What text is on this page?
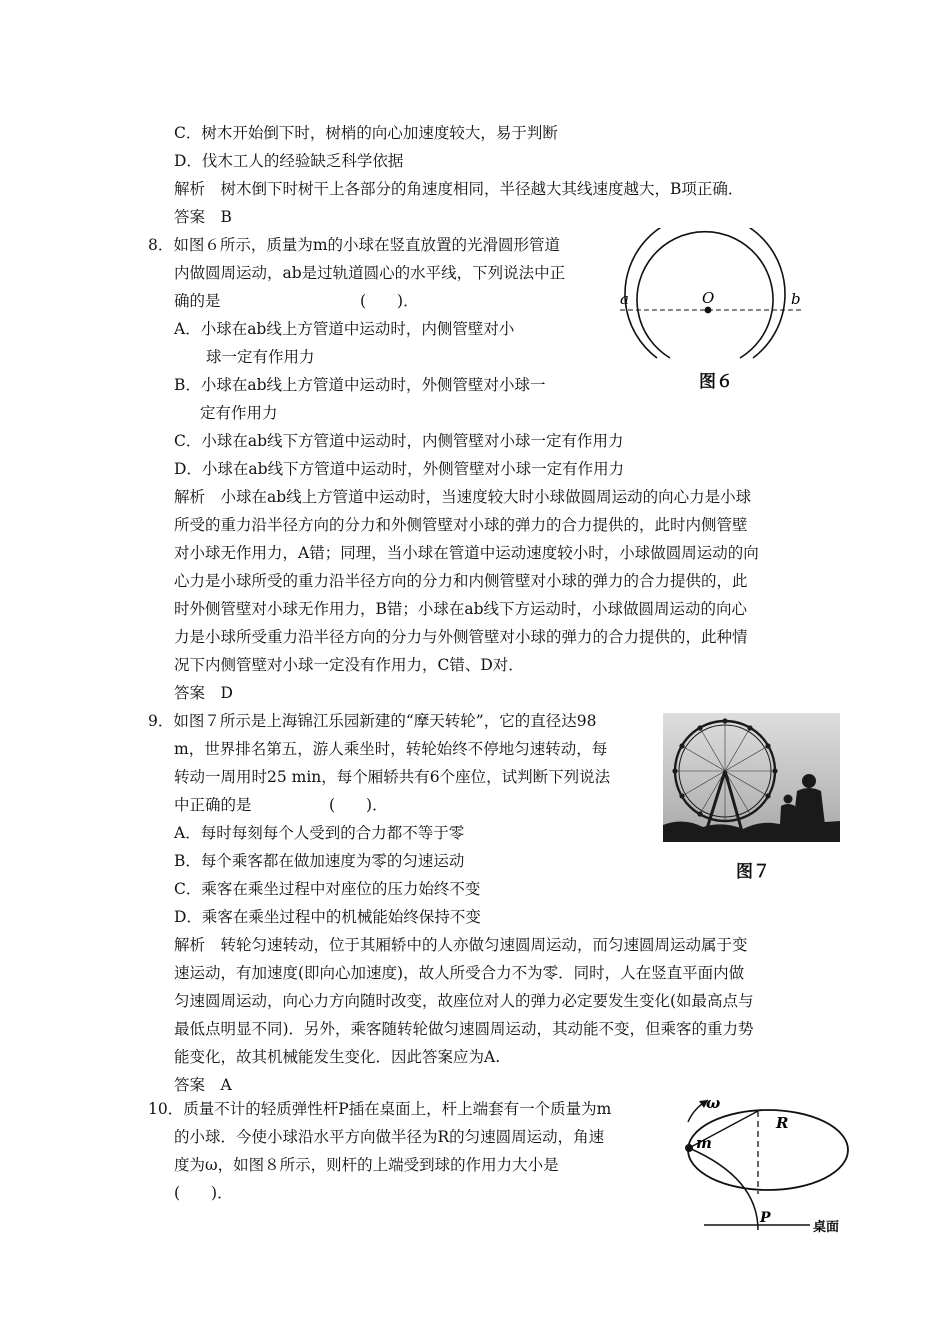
C．树木开始倒下时，树梢的向心加速度较大，易于判断
D．伐木工人的经验缺乏科学依据
解析　树木倒下时树干上各部分的角速度相同，半径越大其线速度越大，B项正确．
答案　B
8．如图６所示，质量为m的小球在竖直放置的光滑圆形管道
内做圆周运动，ab是过轨道圆心的水平线，下列说法中正
确的是　　　　　　　　　(　　)．
A．小球在ab线上方管道中运动时，内侧管壁对小
球一定有作用力
B．小球在ab线上方管道中运动时，外侧管壁对小球一
定有作用力
C．小球在ab线下方管道中运动时，内侧管壁对小球一定有作用力
D．小球在ab线下方管道中运动时，外侧管壁对小球一定有作用力
解析　小球在ab线上方管道中运动时，当速度较大时小球做圆周运动的向心力是小球
所受的重力沿半径方向的分力和外侧管壁对小球的弹力的合力提供的，此时内侧管壁
对小球无作用力，A错；同理，当小球在管道中运动速度较小时，小球做圆周运动的向
心力是小球所受的重力沿半径方向的分力和内侧管壁对小球的弹力的合力提供的，此
时外侧管壁对小球无作用力，B错；小球在ab线下方运动时，小球做圆周运动的向心
力是小球所受重力沿半径方向的分力与外侧管壁对小球的弹力的合力提供的，此种情
况下内侧管壁对小球一定没有作用力，C错、D对．
答案　D
a	O	b
图６
9．如图７所示是上海锦江乐园新建的“摩天转轮”，它的直径达98
m，世界排名第五，游人乘坐时，转轮始终不停地匀速转动，每
转动一周用时25 min，每个厢轿共有6个座位，试判断下列说法
中正确的是　　　　　(　　)．
A．每时每刻每个人受到的合力都不等于零
B．每个乘客都在做加速度为零的匀速运动
C．乘客在乘坐过程中对座位的压力始终不变
D．乘客在乘坐过程中的机械能始终保持不变
解析　转轮匀速转动，位于其厢轿中的人亦做匀速圆周运动，而匀速圆周运动属于变
速运动，有加速度(即向心加速度)，故人所受合力不为零．同时，人在竖直平面内做
匀速圆周运动，向心力方向随时改变，故座位对人的弹力必定要发生变化(如最高点与
最低点明显不同)．另外，乘客随转轮做匀速圆周运动，其动能不变，但乘客的重力势
能变化，故其机械能发生变化．因此答案应为A.
答案　A
图７
10．质量不计的轻质弹性杆P插在桌面上，杆上端套有一个质量为m
的小球．今使小球沿水平方向做半径为R的匀速圆周运动，角速
度为ω，如图８所示，则杆的上端受到球的作用力大小是
(　　)．
ω
m
R
P
桌面
